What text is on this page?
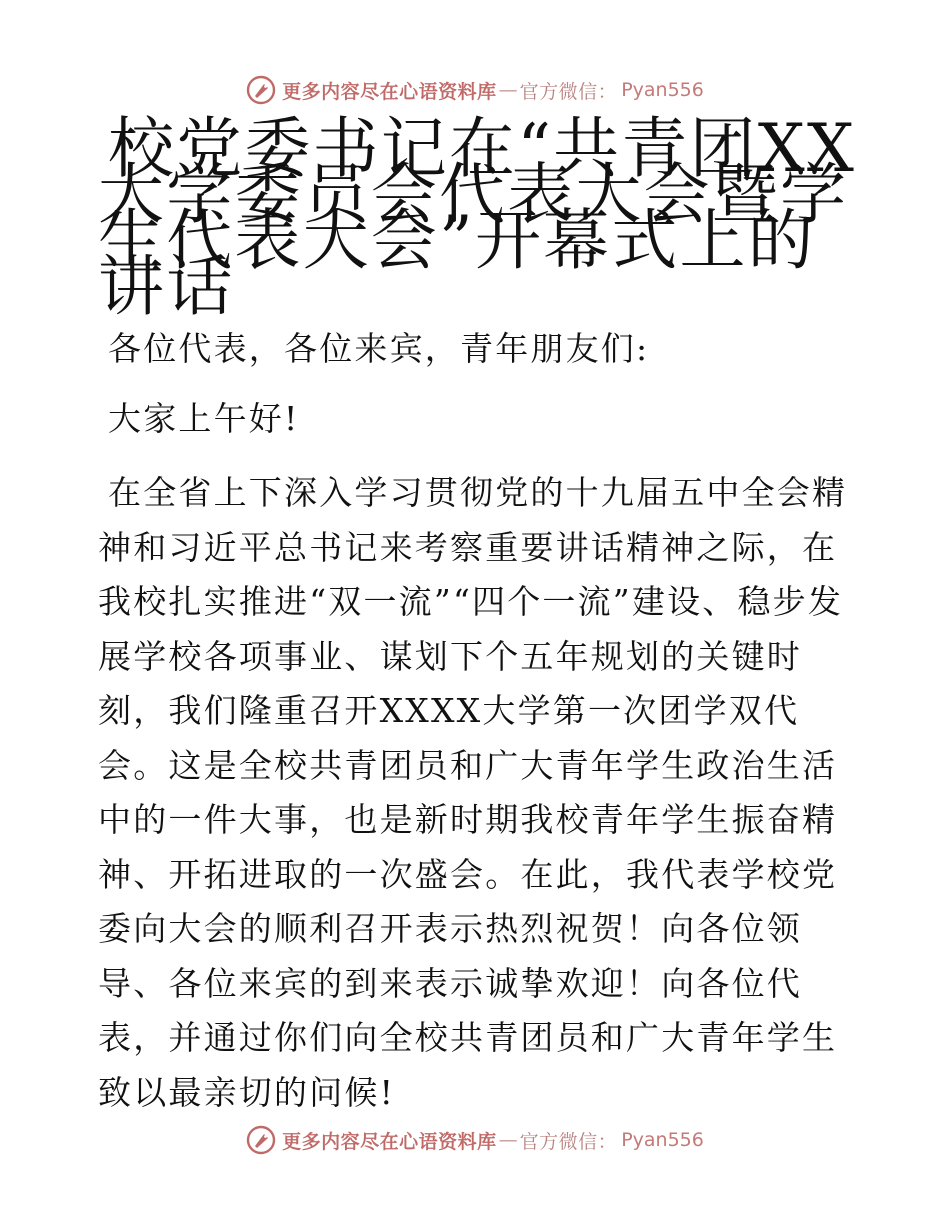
更多内容尽在心语资料库 — 官方微信： Pyan556
校党委书记在“共青团XX大学委员会代表大会暨学生代表大会”开幕式上的讲话

各位代表，各位来宾，青年朋友们:

大家上午好!

在全省上下深入学习贯彻党的十九届五中全会精神和习近平总书记来考察重要讲话精神之际，在我校扎实推进“双一流”“四个一流”建设、稳步发展学校各项事业、谋划下个五年规划的关键时刻，我们隆重召开XXXX大学第一次团学双代会。这是全校共青团员和广大青年学生政治生活中的一件大事，也是新时期我校青年学生振奋精神、开拓进取的一次盛会。在此，我代表学校党委向大会的顺利召开表示热烈祝贺！向各位领导、各位来宾的到来表示诚挚欢迎！向各位代表，并通过你们向全校共青团员和广大青年学生致以最亲切的问候!

更多内容尽在心语资料库 — 官方微信： Pyan556
